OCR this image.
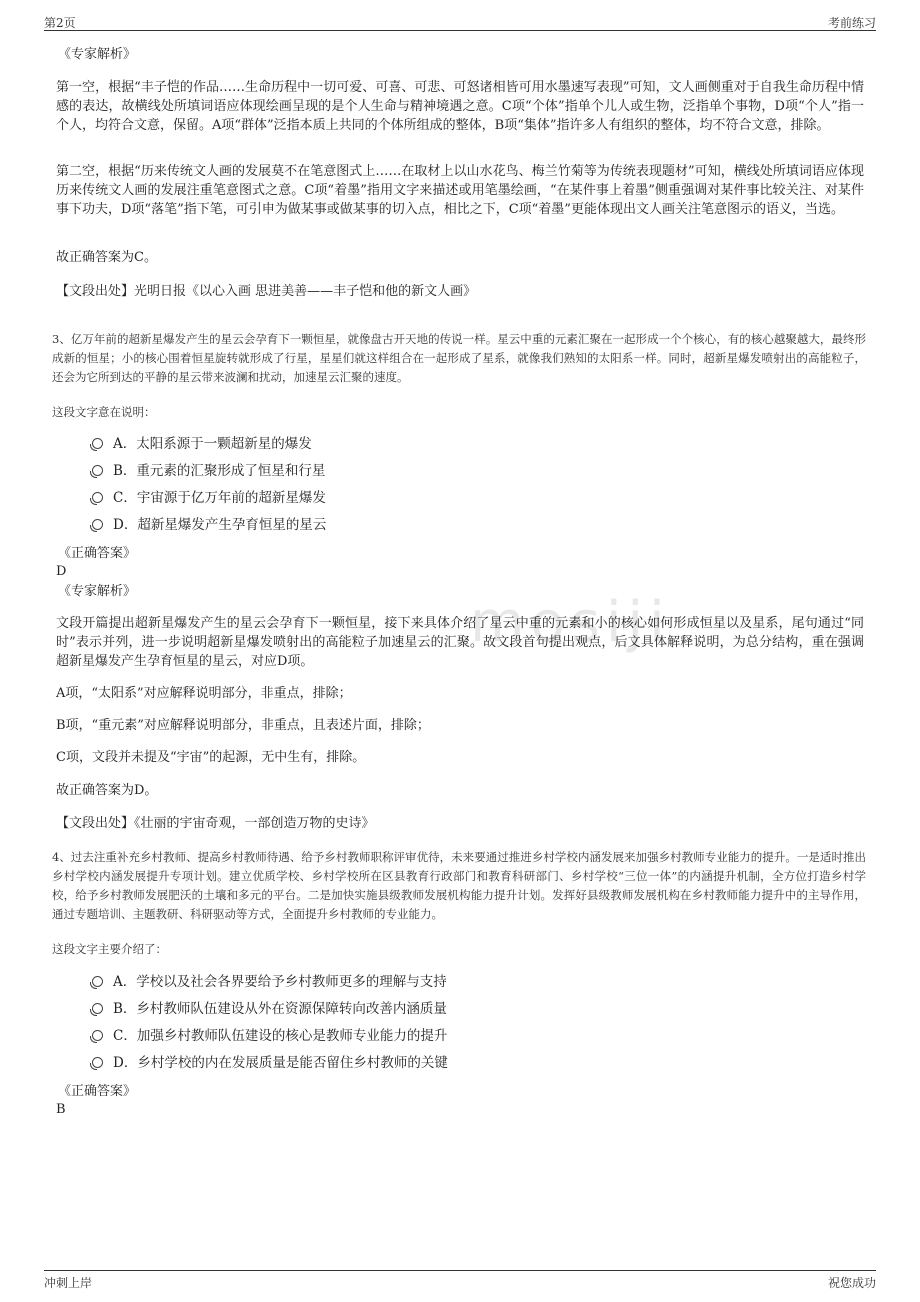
第2页	考前练习
mosiji
《专家解析》

第一空，根据“丰子恺的作品……生命历程中一切可爱、可喜、可悲、可怒诸相皆可用水墨速写表现”可知，文人画侧重对于自我生命历程中情感的表达，故横线处所填词语应体现绘画呈现的是个人生命与精神境遇之意。C项“个体”指单个儿人或生物，泛指单个事物，D项“个人”指一个人，均符合文意，保留。A项“群体”泛指本质上共同的个体所组成的整体，B项“集体”指许多人有组织的整体，均不符合文意，排除。

第二空，根据“历来传统文人画的发展莫不在笔意图式上……在取材上以山水花鸟、梅兰竹菊等为传统表现题材”可知，横线处所填词语应体现历来传统文人画的发展注重笔意图式之意。C项“着墨”指用文字来描述或用笔墨绘画，“在某件事上着墨”侧重强调对某件事比较关注、对某件事下功夫，D项“落笔”指下笔，可引申为做某事或做某事的切入点，相比之下，C项“着墨”更能体现出文人画关注笔意图示的语义，当选。

故正确答案为C。

【文段出处】光明日报《以心入画 思进美善——丰子恺和他的新文人画》

3、亿万年前的超新星爆发产生的星云会孕育下一颗恒星，就像盘古开天地的传说一样。星云中重的元素汇聚在一起形成一个个核心，有的核心越聚越大，最终形成新的恒星；小的核心围着恒星旋转就形成了行星，星星们就这样组合在一起形成了星系，就像我们熟知的太阳系一样。同时，超新星爆发喷射出的高能粒子，还会为它所到达的平静的星云带来波澜和扰动，加速星云汇聚的速度。

这段文字意在说明：
A．太阳系源于一颗超新星的爆发
B．重元素的汇聚形成了恒星和行星
C．宇宙源于亿万年前的超新星爆发
D．超新星爆发产生孕育恒星的星云
《正确答案》
D
《专家解析》

文段开篇提出超新星爆发产生的星云会孕育下一颗恒星，接下来具体介绍了星云中重的元素和小的核心如何形成恒星以及星系，尾句通过“同时”表示并列，进一步说明超新星爆发喷射出的高能粒子加速星云的汇聚。故文段首句提出观点，后文具体解释说明，为总分结构，重在强调超新星爆发产生孕育恒星的星云，对应D项。

A项，“太阳系”对应解释说明部分，非重点，排除；

B项，“重元素”对应解释说明部分，非重点，且表述片面，排除；

C项，文段并未提及“宇宙”的起源，无中生有，排除。

故正确答案为D。

【文段出处】《壮丽的宇宙奇观，一部创造万物的史诗》

4、过去注重补充乡村教师、提高乡村教师待遇、给予乡村教师职称评审优待，未来要通过推进乡村学校内涵发展来加强乡村教师专业能力的提升。一是适时推出乡村学校内涵发展提升专项计划。建立优质学校、乡村学校所在区县教育行政部门和教育科研部门、乡村学校“三位一体”的内涵提升机制，全方位打造乡村学校，给予乡村教师发展肥沃的土壤和多元的平台。二是加快实施县级教师发展机构能力提升计划。发挥好县级教师发展机构在乡村教师能力提升中的主导作用，通过专题培训、主题教研、科研驱动等方式，全面提升乡村教师的专业能力。

这段文字主要介绍了：
A．学校以及社会各界要给予乡村教师更多的理解与支持
B．乡村教师队伍建设从外在资源保障转向改善内涵质量
C．加强乡村教师队伍建设的核心是教师专业能力的提升
D．乡村学校的内在发展质量是能否留住乡村教师的关键
《正确答案》
B
冲刺上岸	祝您成功
